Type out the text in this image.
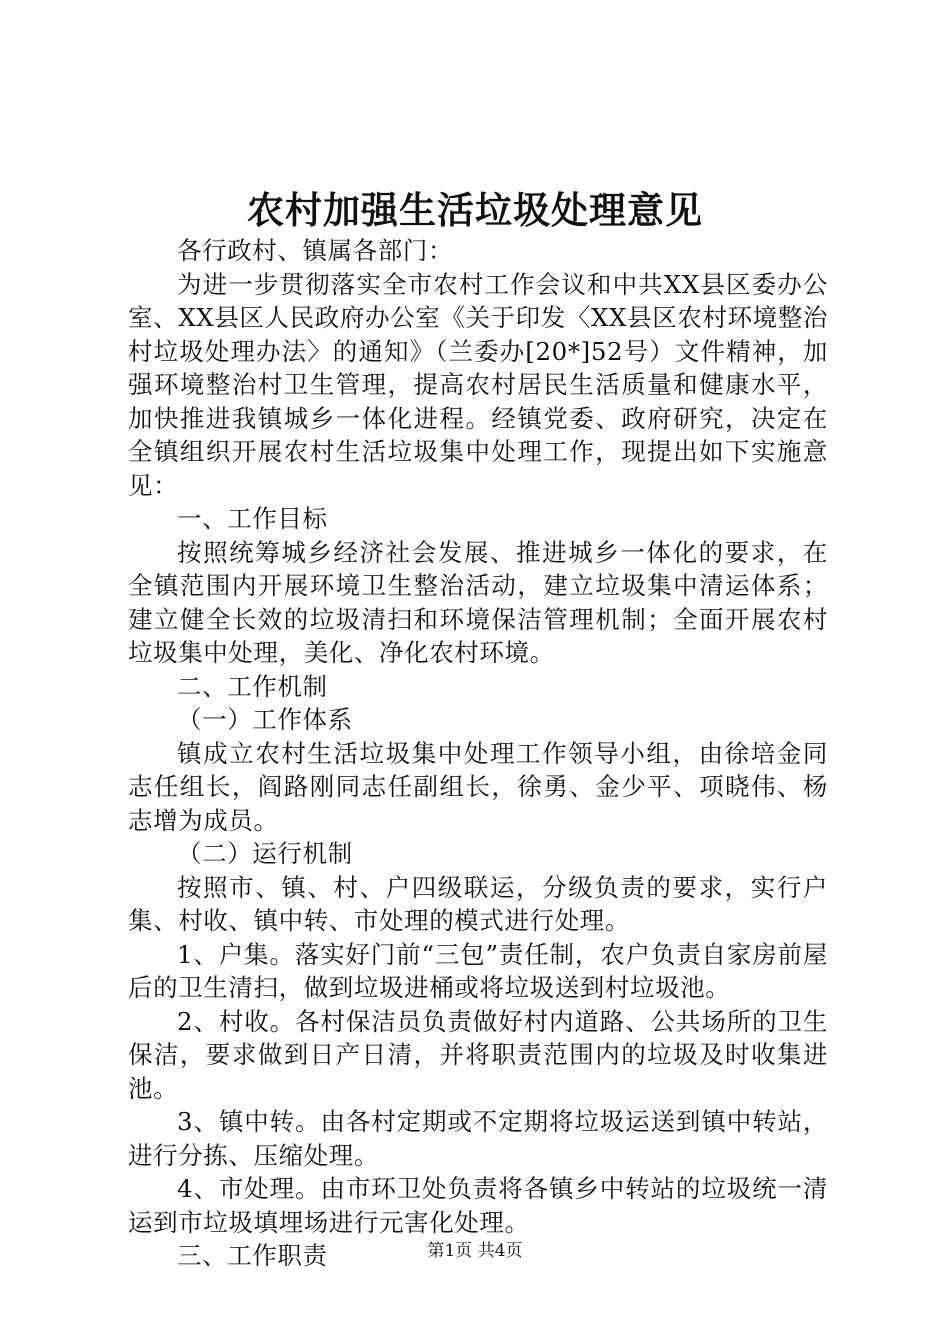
农村加强生活垃圾处理意见

各行政村、镇属各部门：

为进一步贯彻落实全市农村工作会议和中共XX县区委办公室、XX县区人民政府办公室《关于印发〈XX县区农村环境整治村垃圾处理办法〉的通知》（兰委办[20*]52号）文件精神，加强环境整治村卫生管理，提高农村居民生活质量和健康水平，加快推进我镇城乡一体化进程。经镇党委、政府研究，决定在全镇组织开展农村生活垃圾集中处理工作，现提出如下实施意见：

一、工作目标

按照统筹城乡经济社会发展、推进城乡一体化的要求，在全镇范围内开展环境卫生整治活动，建立垃圾集中清运体系；建立健全长效的垃圾清扫和环境保洁管理机制；全面开展农村垃圾集中处理，美化、净化农村环境。

二、工作机制

（一）工作体系

镇成立农村生活垃圾集中处理工作领导小组，由徐培金同志任组长，阎路刚同志任副组长，徐勇、金少平、项晓伟、杨志增为成员。

（二）运行机制

按照市、镇、村、户四级联运，分级负责的要求，实行户集、村收、镇中转、市处理的模式进行处理。

1、户集。落实好门前“三包”责任制，农户负责自家房前屋后的卫生清扫，做到垃圾进桶或将垃圾送到村垃圾池。

2、村收。各村保洁员负责做好村内道路、公共场所的卫生保洁，要求做到日产日清，并将职责范围内的垃圾及时收集进池。

3、镇中转。由各村定期或不定期将垃圾运送到镇中转站，进行分拣、压缩处理。

4、市处理。由市环卫处负责将各镇乡中转站的垃圾统一清运到市垃圾填埋场进行元害化处理。

三、工作职责	第1页 共4页
